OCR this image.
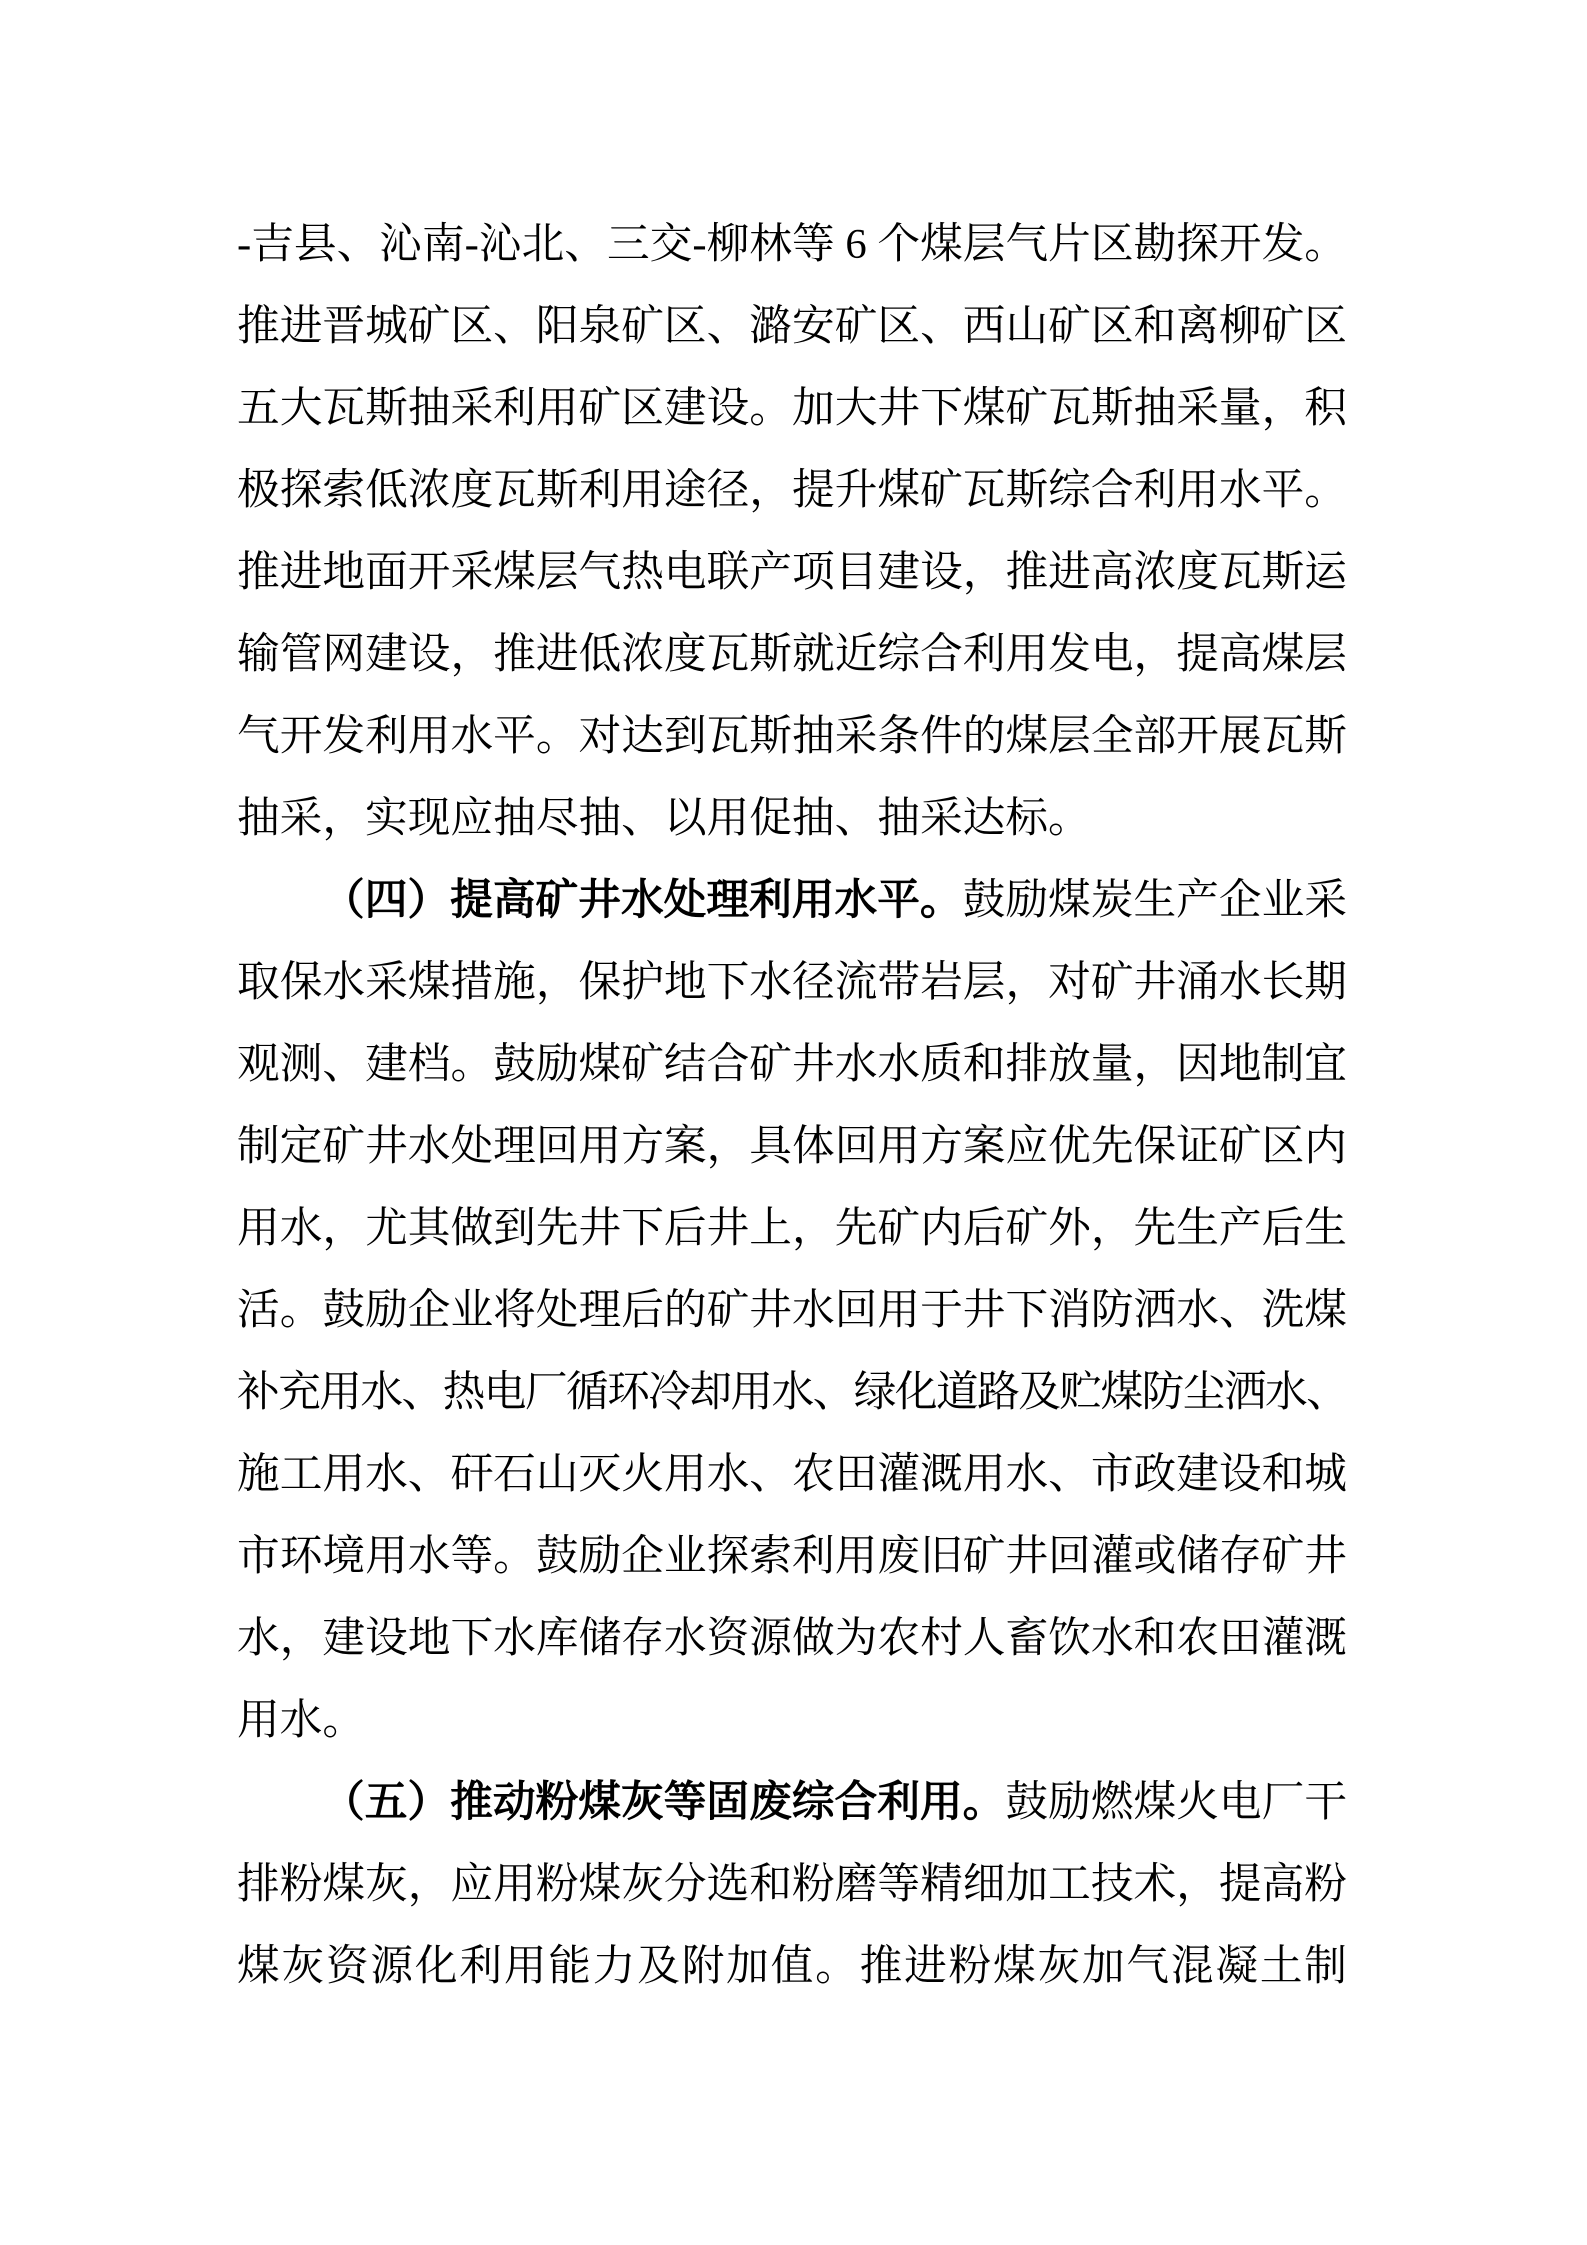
-吉县、沁南-沁北、三交-柳林等 6 个煤层气片区勘探开发。
推进晋城矿区、阳泉矿区、潞安矿区、西山矿区和离柳矿区
五大瓦斯抽采利用矿区建设。加大井下煤矿瓦斯抽采量，积
极探索低浓度瓦斯利用途径，提升煤矿瓦斯综合利用水平。
推进地面开采煤层气热电联产项目建设，推进高浓度瓦斯运
输管网建设，推进低浓度瓦斯就近综合利用发电，提高煤层
气开发利用水平。对达到瓦斯抽采条件的煤层全部开展瓦斯
抽采，实现应抽尽抽、以用促抽、抽采达标。
（四）提高矿井水处理利用水平。鼓励煤炭生产企业采
取保水采煤措施，保护地下水径流带岩层，对矿井涌水长期
观测、建档。鼓励煤矿结合矿井水水质和排放量，因地制宜
制定矿井水处理回用方案，具体回用方案应优先保证矿区内
用水，尤其做到先井下后井上，先矿内后矿外，先生产后生
活。鼓励企业将处理后的矿井水回用于井下消防洒水、洗煤
补充用水、热电厂循环冷却用水、绿化道路及贮煤防尘洒水、
施工用水、矸石山灭火用水、农田灌溉用水、市政建设和城
市环境用水等。鼓励企业探索利用废旧矿井回灌或储存矿井
水，建设地下水库储存水资源做为农村人畜饮水和农田灌溉
用水。
（五）推动粉煤灰等固废综合利用。鼓励燃煤火电厂干
排粉煤灰，应用粉煤灰分选和粉磨等精细加工技术，提高粉
煤灰资源化利用能力及附加值。推进粉煤灰加气混凝土制
